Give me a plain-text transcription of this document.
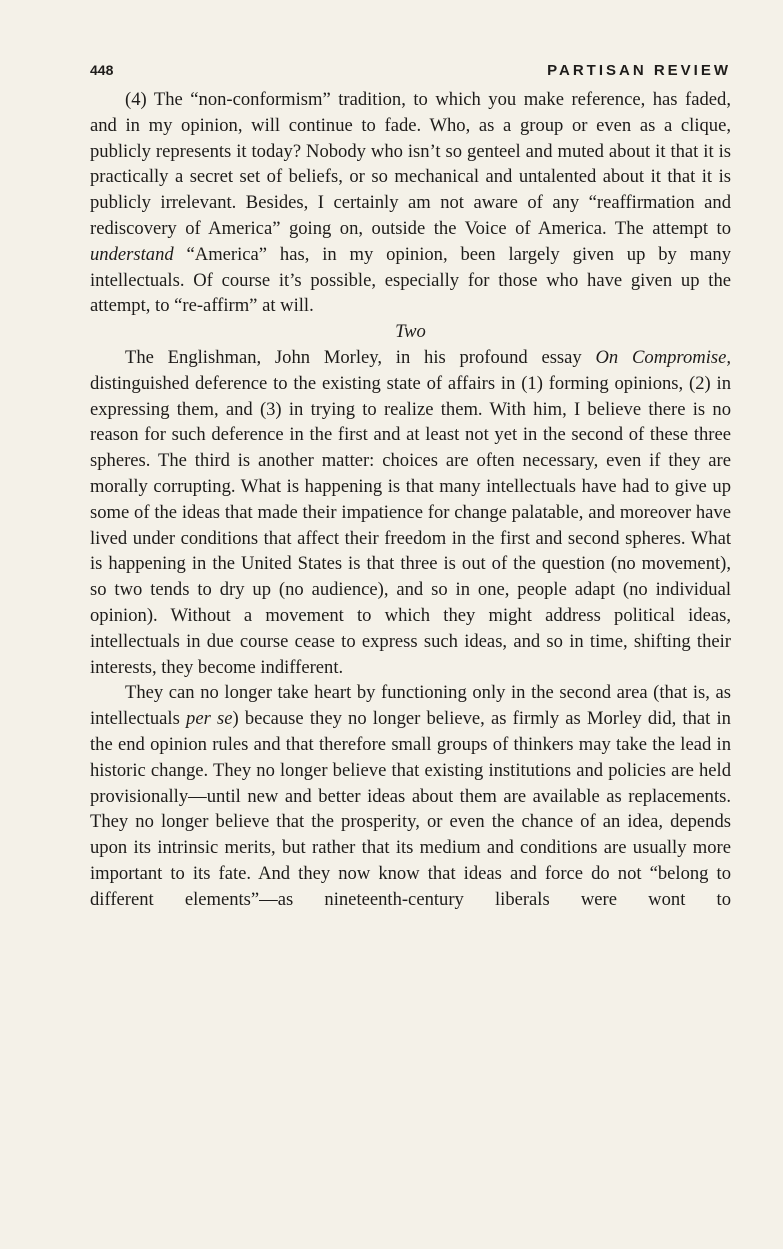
448	PARTISAN REVIEW

(4) The “non-conformism” tradition, to which you make reference, has faded, and in my opinion, will continue to fade. Who, as a group or even as a clique, publicly represents it today? Nobody who isn’t so genteel and muted about it that it is practically a secret set of beliefs, or so mechanical and untalented about it that it is publicly irrelevant. Besides, I certainly am not aware of any “reaffirmation and rediscovery of America” going on, outside the Voice of America. The attempt to understand “America” has, in my opinion, been largely given up by many intellectuals. Of course it’s possible, especially for those who have given up the attempt, to “re-affirm” at will.

Two

The Englishman, John Morley, in his profound essay On Compromise, distinguished deference to the existing state of affairs in (1) forming opinions, (2) in expressing them, and (3) in trying to realize them. With him, I believe there is no reason for such deference in the first and at least not yet in the second of these three spheres. The third is another matter: choices are often necessary, even if they are morally corrupting. What is happening is that many intellectuals have had to give up some of the ideas that made their impatience for change palatable, and moreover have lived under conditions that affect their freedom in the first and second spheres. What is happening in the United States is that three is out of the question (no movement), so two tends to dry up (no audience), and so in one, people adapt (no individual opinion). Without a movement to which they might address political ideas, intellectuals in due course cease to express such ideas, and so in time, shifting their interests, they become indifferent.

They can no longer take heart by functioning only in the second area (that is, as intellectuals per se) because they no longer believe, as firmly as Morley did, that in the end opinion rules and that therefore small groups of thinkers may take the lead in historic change. They no longer believe that existing institutions and policies are held provisionally—until new and better ideas about them are available as replacements. They no longer believe that the prosperity, or even the chance of an idea, depends upon its intrinsic merits, but rather that its medium and conditions are usually more important to its fate. And they now know that ideas and force do not “belong to different elements”—as nineteenth-century liberals were wont to
